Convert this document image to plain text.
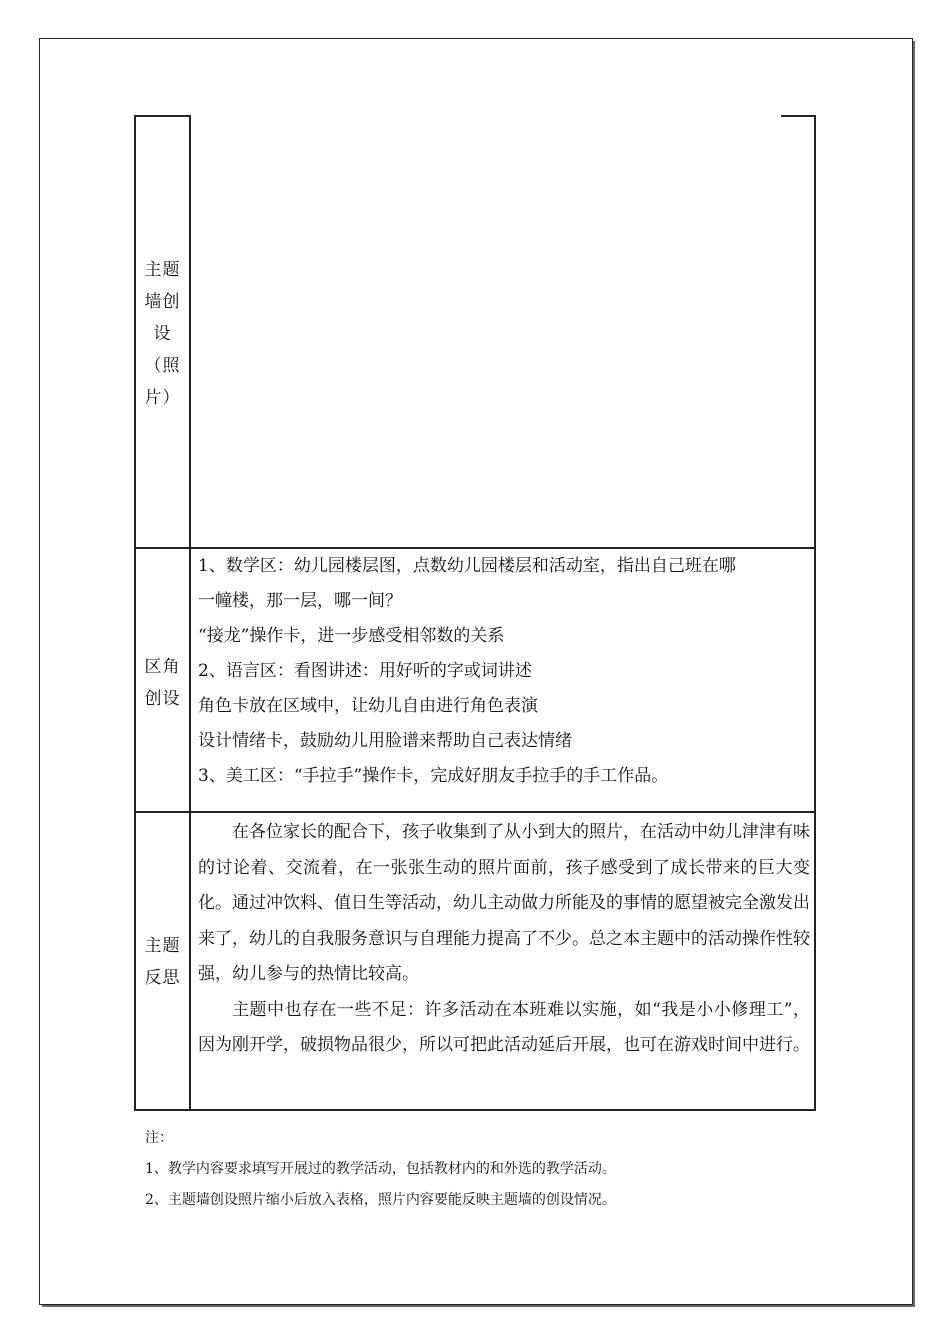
主题
墙创
设
（照
片）
区角
创设
1、数学区：幼儿园楼层图，点数幼儿园楼层和活动室，指出自己班在哪
一幢楼，那一层，哪一间？
“接龙”操作卡，进一步感受相邻数的关系
2、语言区：看图讲述：用好听的字或词讲述
角色卡放在区域中，让幼儿自由进行角色表演
设计情绪卡，鼓励幼儿用脸谱来帮助自己表达情绪
3、美工区：“手拉手”操作卡，完成好朋友手拉手的手工作品。
主题
反思

在各位家长的配合下，孩子收集到了从小到大的照片，在活动中幼儿津津有味的讨论着、交流着，在一张张生动的照片面前，孩子感受到了成长带来的巨大变化。通过冲饮料、值日生等活动，幼儿主动做力所能及的事情的愿望被完全激发出来了，幼儿的自我服务意识与自理能力提高了不少。总之本主题中的活动操作性较强，幼儿参与的热情比较高。

主题中也存在一些不足：许多活动在本班难以实施，如“我是小小修理工”，因为刚开学，破损物品很少，所以可把此活动延后开展，也可在游戏时间中进行。

注：
1、教学内容要求填写开展过的教学活动，包括教材内的和外选的教学活动。
2、主题墙创设照片缩小后放入表格，照片内容要能反映主题墙的创设情况。
